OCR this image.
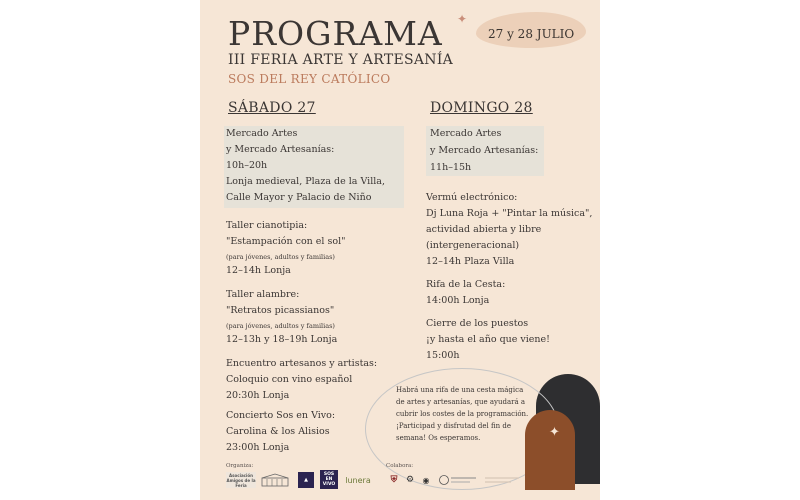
27 y 28 JULIO
✦
PROGRAMA
III FERIA ARTE Y ARTESANÍA
SOS DEL REY CATÓLICO
SÁBADO 27
Mercado Artes
y Mercado Artesanías:
10h–20h
Lonja medieval, Plaza de la Villa,
Calle Mayor y Palacio de Niño
Taller cianotipia:
"Estampación con el sol"
(para jóvenes, adultos y familias)
12–14h Lonja
Taller alambre:
"Retratos picassianos"
(para jóvenes, adultos y familias)
12–13h y 18–19h Lonja
Encuentro artesanos y artistas:
Coloquio con vino español
20:30h Lonja
Concierto Sos en Vivo:
Carolina & los Alisios
23:00h Lonja
DOMINGO 28
Mercado Artes
y Mercado Artesanías:
11h–15h
Vermú electrónico:
Dj Luna Roja + "Pintar la música",
actividad abierta y libre
(intergeneracional)
12–14h Plaza Villa
Rifa de la Cesta:
14:00h Lonja
Cierre de los puestos
¡y hasta el año que viene!
15:00h
✦
Habrá una rifa de una cesta mágica
de artes y artesanías, que ayudará a
cubrir los costes de la programación.
¡Participad y disfrutad del fin de
semana! Os esperamos.
Organiza:
Asociación Amigos de la Feria
▲
SOS EN VIVO	lunera
Colabora:
⛨ ⚙	◉
